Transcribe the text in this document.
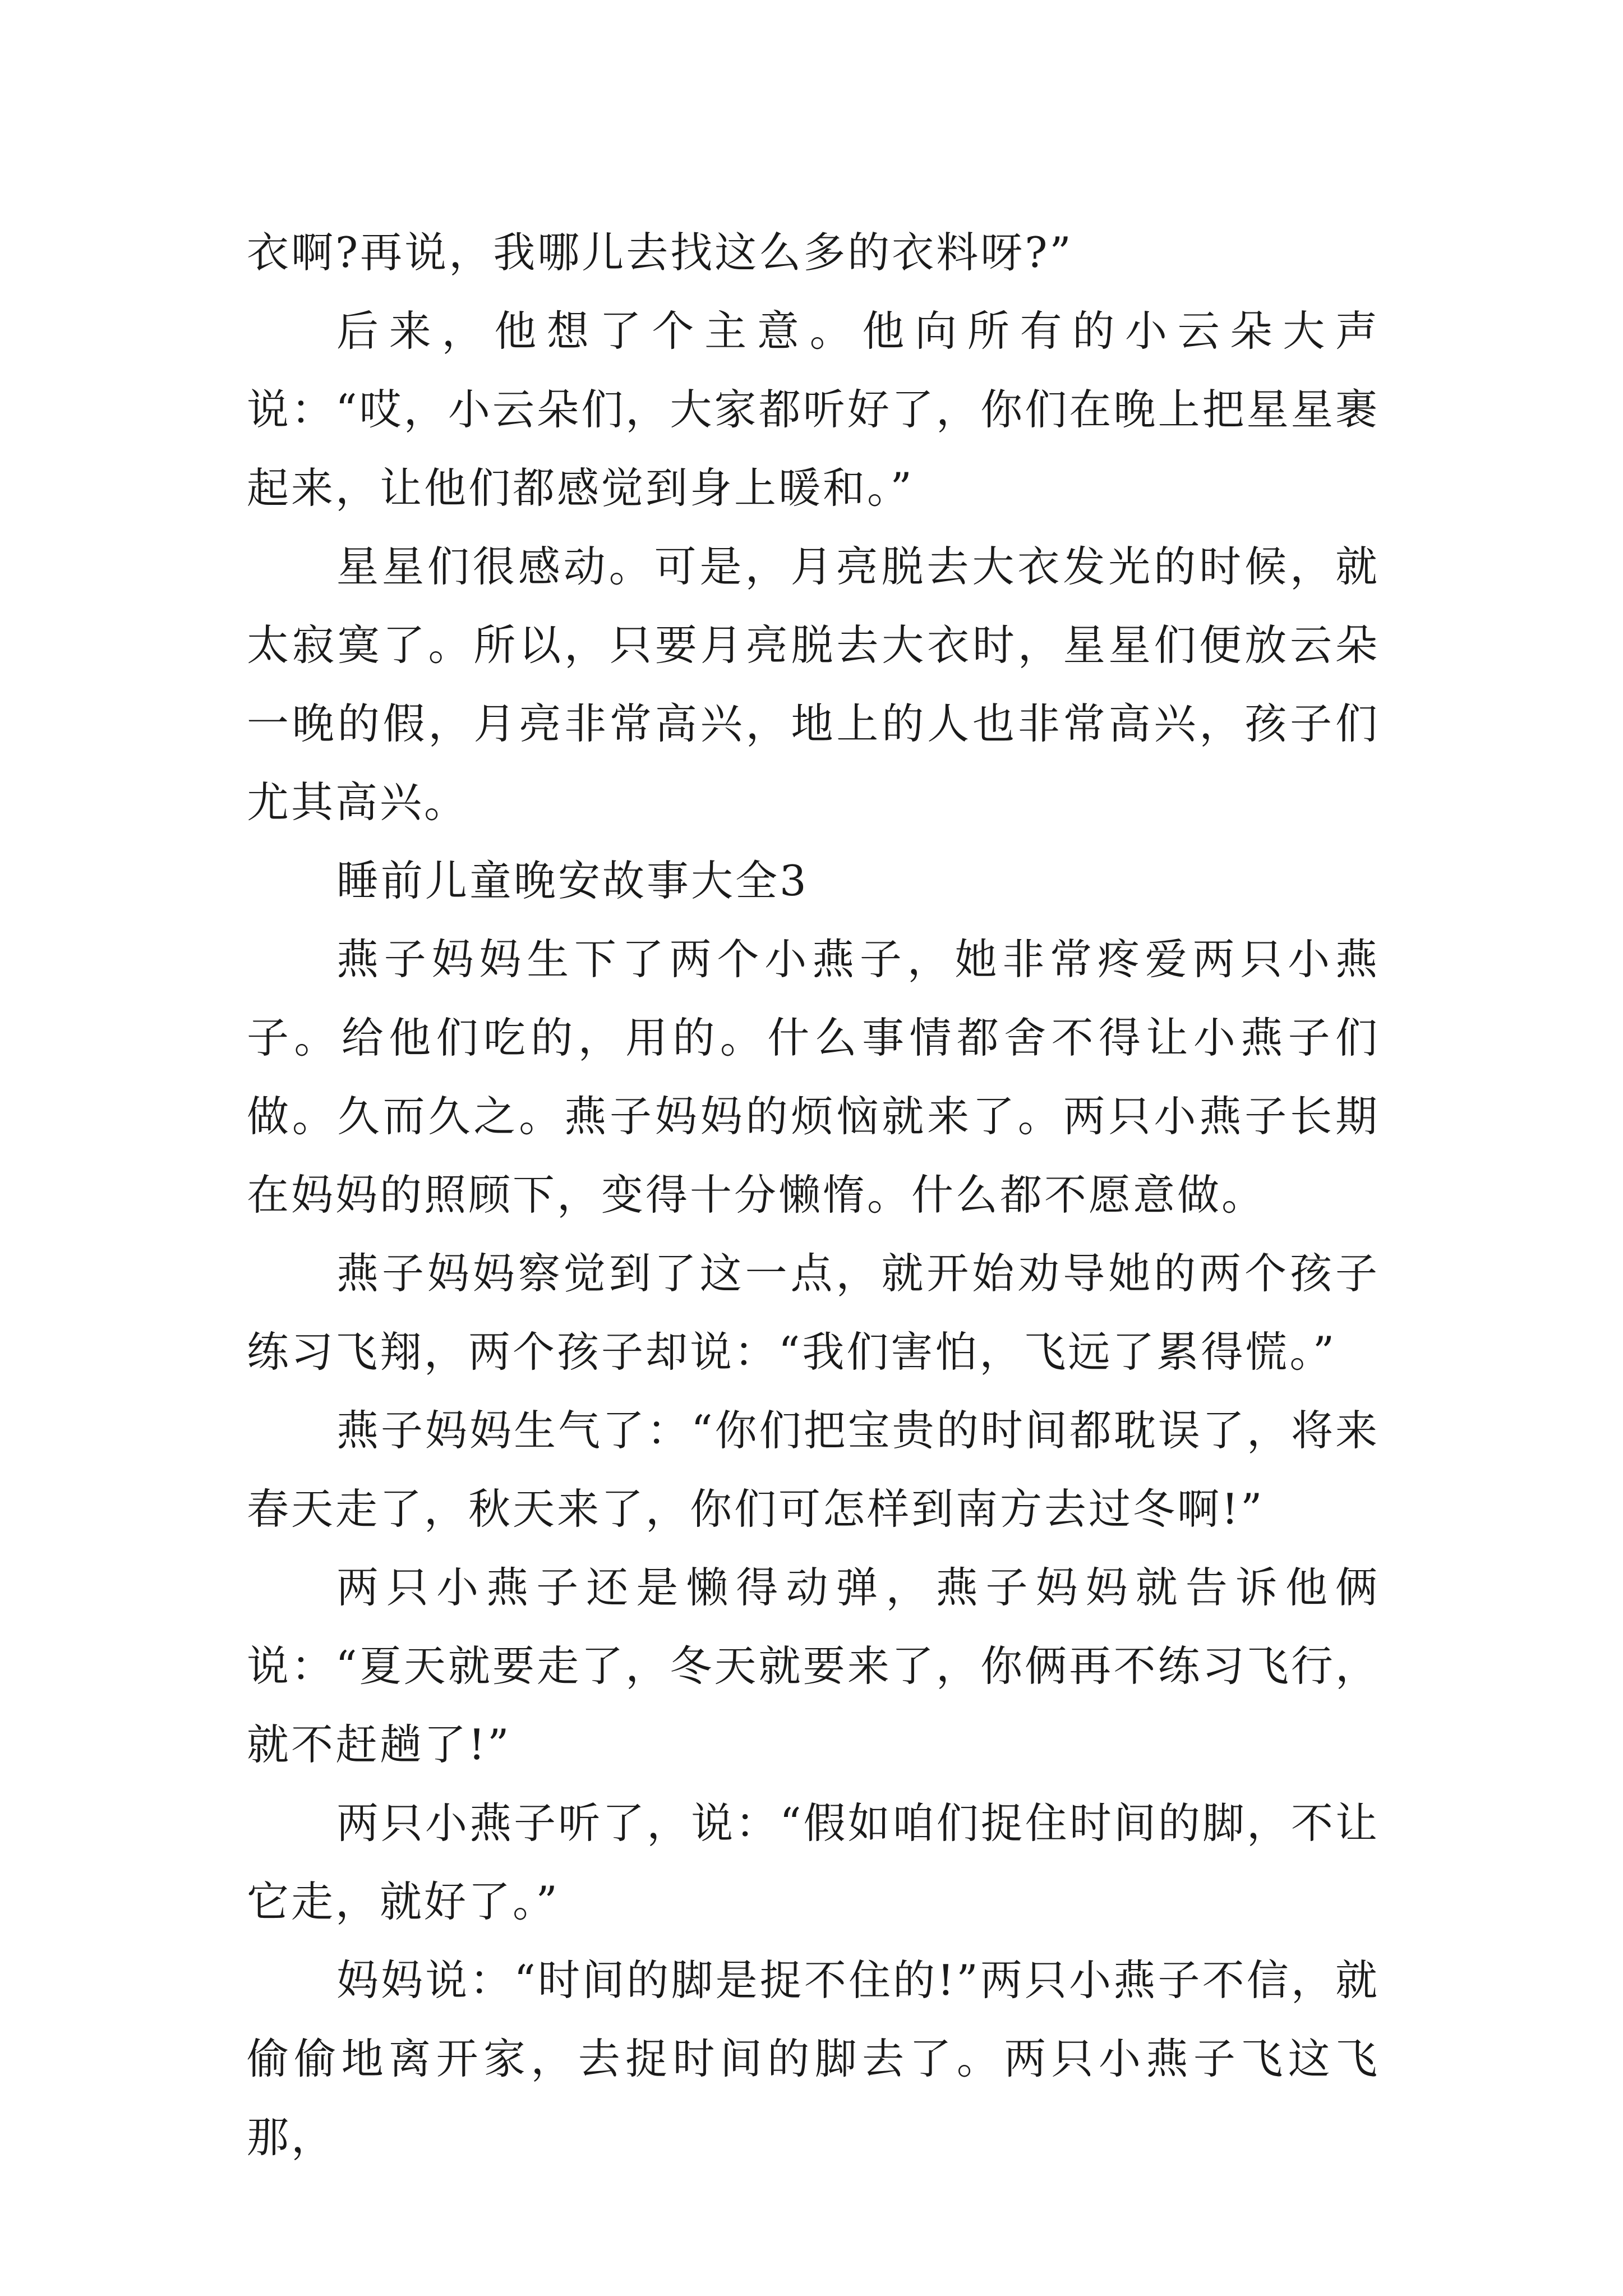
衣啊?再说，我哪儿去找这么多的衣料呀?”

后来，他想了个主意。他向所有的小云朵大声说：“哎，小云朵们，大家都听好了，你们在晚上把星星裹起来，让他们都感觉到身上暖和。”

星星们很感动。可是，月亮脱去大衣发光的时候，就太寂寞了。所以，只要月亮脱去大衣时，星星们便放云朵一晚的假，月亮非常高兴，地上的人也非常高兴，孩子们尤其高兴。

睡前儿童晚安故事大全3

燕子妈妈生下了两个小燕子，她非常疼爱两只小燕子。给他们吃的，用的。什么事情都舍不得让小燕子们做。久而久之。燕子妈妈的烦恼就来了。两只小燕子长期在妈妈的照顾下，变得十分懒惰。什么都不愿意做。

燕子妈妈察觉到了这一点，就开始劝导她的两个孩子练习飞翔，两个孩子却说：“我们害怕，飞远了累得慌。”

燕子妈妈生气了：“你们把宝贵的时间都耽误了，将来春天走了，秋天来了，你们可怎样到南方去过冬啊!”

两只小燕子还是懒得动弹，燕子妈妈就告诉他俩说：“夏天就要走了，冬天就要来了，你俩再不练习飞行，就不赶趟了!”

两只小燕子听了，说：“假如咱们捉住时间的脚，不让它走，就好了。”

妈妈说：“时间的脚是捉不住的!”两只小燕子不信，就偷偷地离开家，去捉时间的脚去了。两只小燕子飞这飞那，
